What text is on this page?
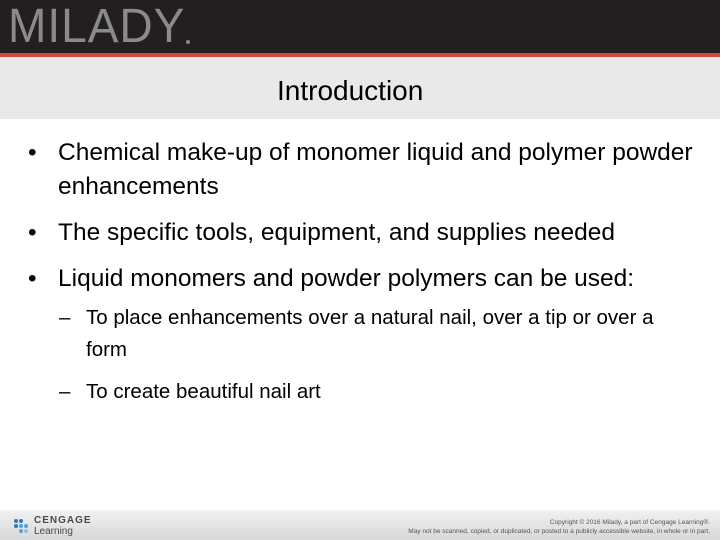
MILADY
Introduction
• Chemical make-up of monomer liquid and polymer powder enhancements
• The specific tools, equipment, and supplies needed
• Liquid monomers and powder polymers can be used:
– To place enhancements over a natural nail, over a tip or over a form
– To create beautiful nail art
CENGAGE
Learning
Copyright © 2016 Milady, a part of Cengage Learning®.
May not be scanned, copied, or duplicated, or posted to a publicly accessible website, in whole or in part.
